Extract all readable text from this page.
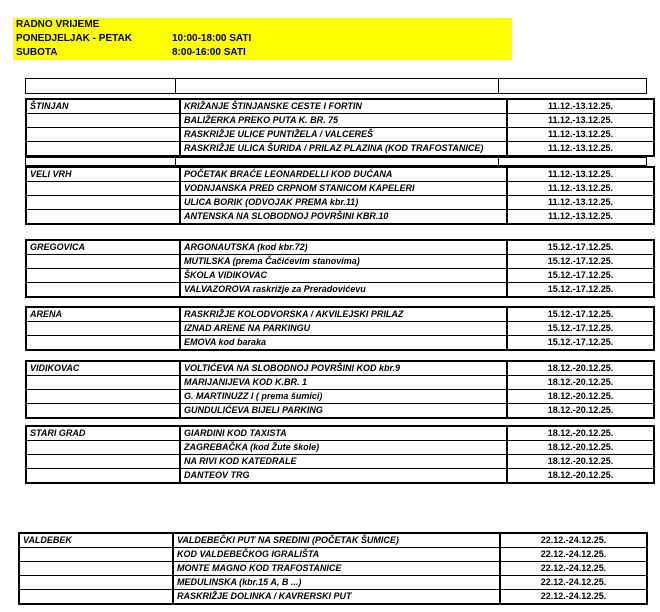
RADNO VRIJEME
PONEDJELJAK - PETAK	10:00-18:00 SATI
SUBOTA	8:00-16:00 SATI

ŠTINJAN	KRIŽANJE ŠTINJANSKE CESTE I FORTIN	11.12.-13.12.25.
	BALIŽERKA PREKO PUTA K. BR. 75	11.12.-13.12.25.
	RASKRIŽJE ULICE PUNTIŽELA / VALCEREŠ	11.12.-13.12.25.
	RASKRIŽJE ULICA ŠURIDA / PRILAZ PLAZINA (KOD TRAFOSTANICE)	11.12.-13.12.25.

VELI VRH	POČETAK BRAĆE LEONARDELLI KOD DUĆANA	11.12.-13.12.25.
	VODNJANSKA PRED CRPNOM STANICOM KAPELERI	11.12.-13.12.25.
	ULICA BORIK (ODVOJAK PREMA kbr.11)	11.12.-13.12.25.
	ANTENSKA NA SLOBODNOJ POVRŠINI KBR.10	11.12.-13.12.25.
GREGOVICA	ARGONAUTSKA (kod kbr.72)	15.12.-17.12.25.
	MUTILSKA (prema Čačićevim stanovima)	15.12.-17.12.25.
	ŠKOLA VIDIKOVAC	15.12.-17.12.25.
	VALVAZOROVA raskrižje za Preradovićevu	15.12.-17.12.25.
ARENA	RASKRIŽJE KOLODVORSKA / AKVILEJSKI PRILAZ	15.12.-17.12.25.
	IZNAD ARENE NA PARKINGU	15.12.-17.12.25.
	EMOVA kod baraka	15.12.-17.12.25.
VIDIKOVAC	VOLTIĆEVA NA SLOBODNOJ POVRŠINI KOD kbr.9	18.12.-20.12.25.
	MARIJANIJEVA KOD K.BR. 1	18.12.-20.12.25.
	G. MARTINUZZ I ( prema šumici)	18.12.-20.12.25.
	GUNDULIĆEVA BIJELI PARKING	18.12.-20.12.25.
STARI GRAD	GIARDINI KOD TAXISTA	18.12.-20.12.25.
	ZAGREBAČKA (kod Žute škole)	18.12.-20.12.25.
	NA RIVI KOD KATEDRALE	18.12.-20.12.25.
	DANTEOV TRG	18.12.-20.12.25.
VALDEBEK	VALDEBEČKI PUT NA SREDINI (POČETAK ŠUMICE)	22.12.-24.12.25.
	KOD VALDEBEČKOG IGRALIŠTA	22.12.-24.12.25.
	MONTE MAGNO KOD TRAFOSTANICE	22.12.-24.12.25.
	MEDULINSKA (kbr.15 A, B ...)	22.12.-24.12.25.
	RASKRIŽJE DOLINKA / KAVRERSKI PUT	22.12.-24.12.25.
